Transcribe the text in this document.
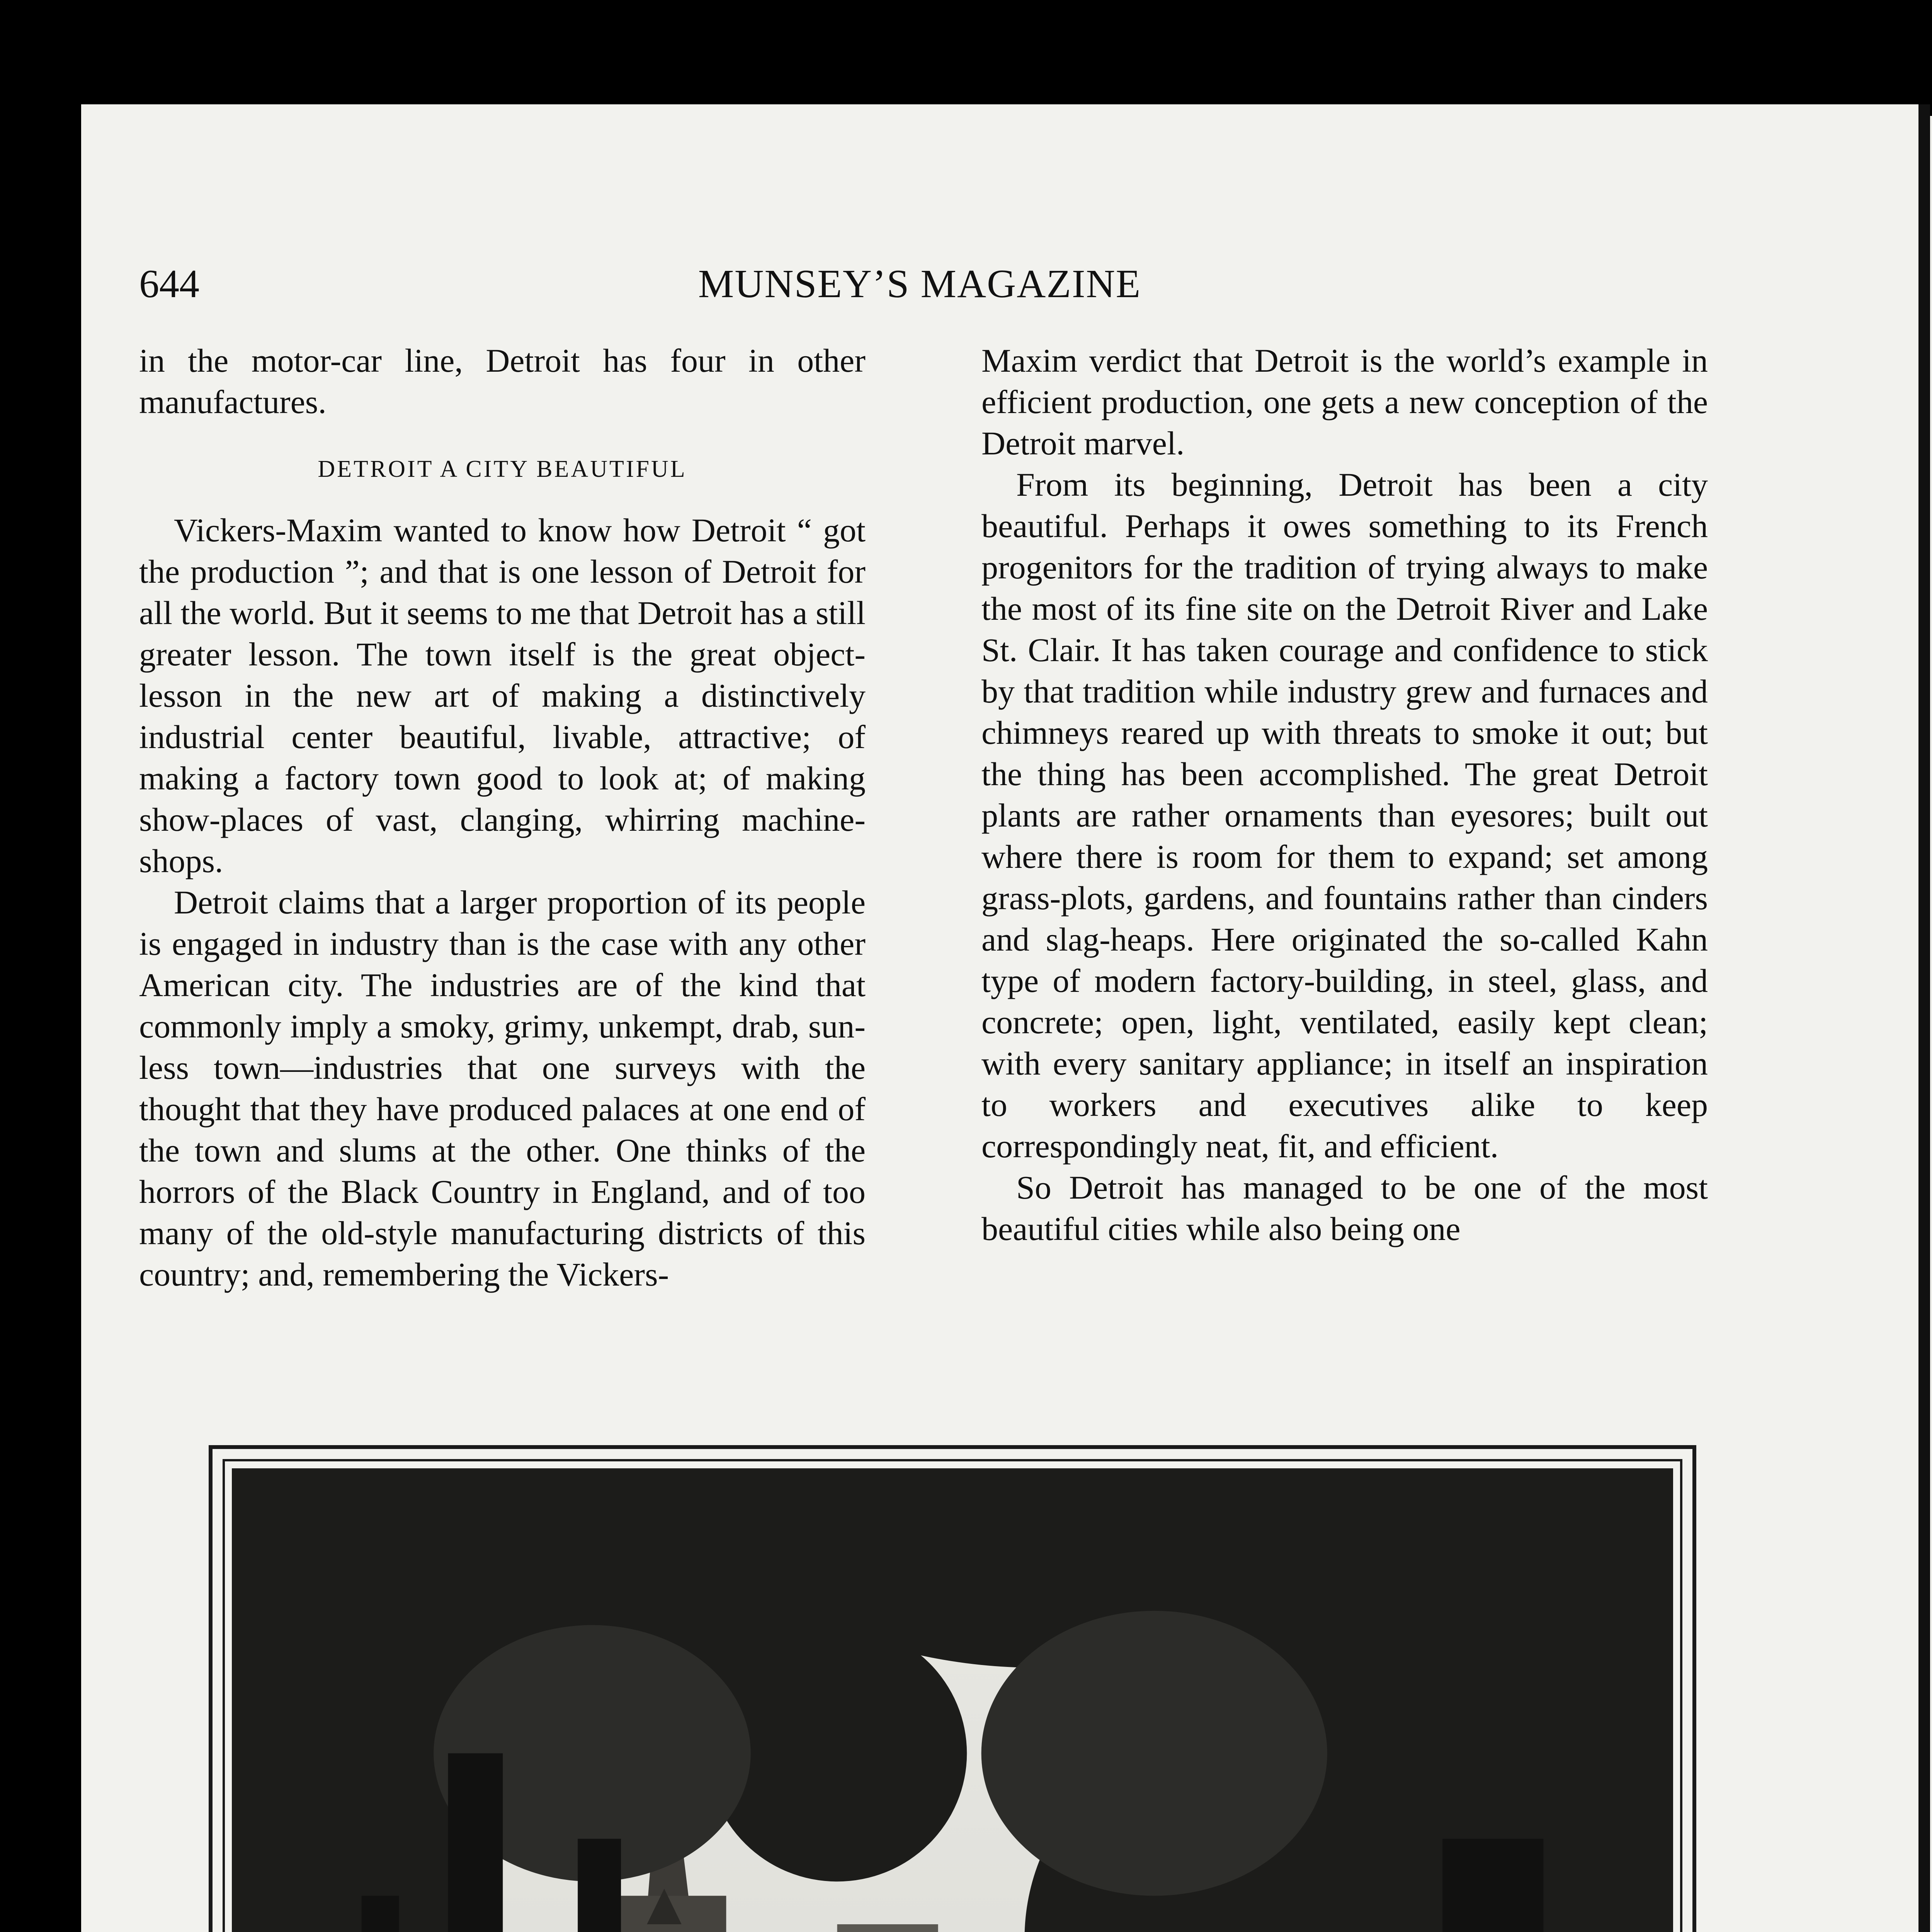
644	MUNSEY’S MAGAZINE

in the motor-car line, Detroit has four in other manufactures.

DETROIT A CITY BEAUTIFUL

Vickers-Maxim wanted to know how Detroit “ got the production ”; and that is one lesson of Detroit for all the world. But it seems to me that Detroit has a still greater lesson. The town itself is the great object-lesson in the new art of making a distinctively industrial center beautiful, livable, attractive; of making a factory town good to look at; of making show-places of vast, clanging, whirring machine-shops.

Detroit claims that a larger proportion of its people is engaged in industry than is the case with any other American city. The industries are of the kind that commonly imply a smoky, grimy, unkempt, drab, sunless town—industries that one surveys with the thought that they have produced palaces at one end of the town and slums at the other. One thinks of the horrors of the Black Country in England, and of too many of the old-style manufacturing districts of this country; and, remembering the Vickers-

Maxim verdict that Detroit is the world’s example in efficient production, one gets a new conception of the Detroit marvel.

From its beginning, Detroit has been a city beautiful. Perhaps it owes something to its French progenitors for the tradition of trying always to make the most of its fine site on the Detroit River and Lake St. Clair. It has taken courage and confidence to stick by that tradition while industry grew and furnaces and chimneys reared up with threats to smoke it out; but the thing has been accomplished. The great Detroit plants are rather ornaments than eyesores; built out where there is room for them to expand; set among grass-plots, gardens, and fountains rather than cinders and slag-heaps. Here originated the so-called Kahn type of modern factory-building, in steel, glass, and concrete; open, light, ventilated, easily kept clean; with every sanitary appliance; in itself an inspiration to workers and executives alike to keep correspondingly neat, fit, and efficient.

So Detroit has managed to be one of the most beautiful cities while also being one
